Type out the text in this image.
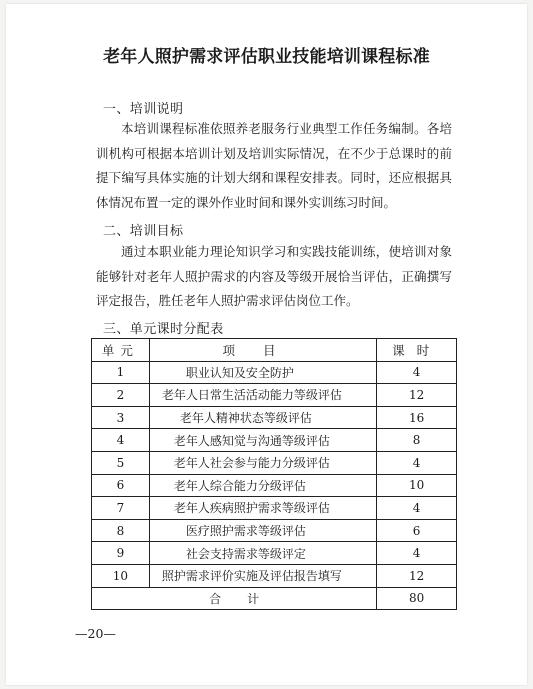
老年人照护需求评估职业技能培训课程标准
一、培训说明
本培训课程标准依照养老服务行业典型工作任务编制。各培
训机构可根据本培训计划及培训实际情况，在不少于总课时的前
提下编写具体实施的计划大纲和课程安排表。同时，还应根据具
体情况布置一定的课外作业时间和课外实训练习时间。
二、培训目标
通过本职业能力理论知识学习和实践技能训练，使培训对象
能够针对老年人照护需求的内容及等级开展恰当评估，正确撰写
评定报告，胜任老年人照护需求评估岗位工作。
三、单元课时分配表
单元	项目	课时
1	职业认知及安全防护	4
2	老年人日常生活活动能力等级评估	12
3	老年人精神状态等级评估	16
4	老年人感知觉与沟通等级评估	8
5	老年人社会参与能力分级评估	4
6	老年人综合能力分级评估	10
7	老年人疾病照护需求等级评估	4
8	医疗照护需求等级评估	6
9	社会支持需求等级评定	4
10	照护需求评价实施及评估报告填写	12
合计		80
—20—
